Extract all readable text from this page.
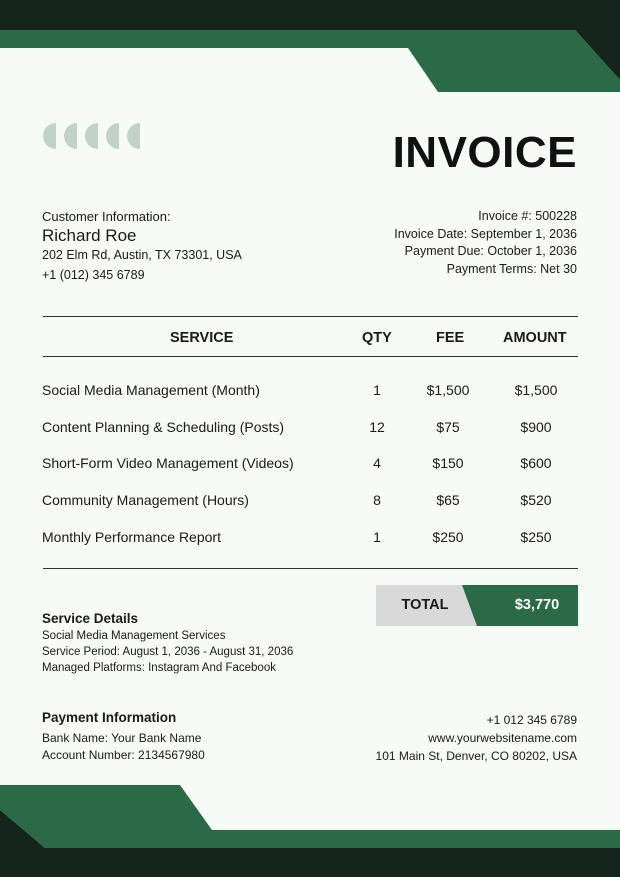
INVOICE
Customer Information:
Richard Roe
202 Elm Rd, Austin, TX 73301, USA
+1 (012) 345 6789
Invoice #: 500228
Invoice Date: September 1, 2036
Payment Due: October 1, 2036
Payment Terms: Net 30
SERVICE	QTY	FEE	AMOUNT
Social Media Management (Month)	1	$1,500	$1,500
Content Planning & Scheduling (Posts)	12	$75	$900
Short-Form Video Management (Videos)	4	$150	$600
Community Management (Hours)	8	$65	$520
Monthly Performance Report	1	$250	$250
TOTAL	$3,770
Service Details
Social Media Management Services
Service Period: August 1, 2036 - August 31, 2036
Managed Platforms: Instagram And Facebook
Payment Information
Bank Name: Your Bank Name
Account Number: 2134567980
+1 012 345 6789
www.yourwebsitename.com
101 Main St, Denver, CO 80202, USA
